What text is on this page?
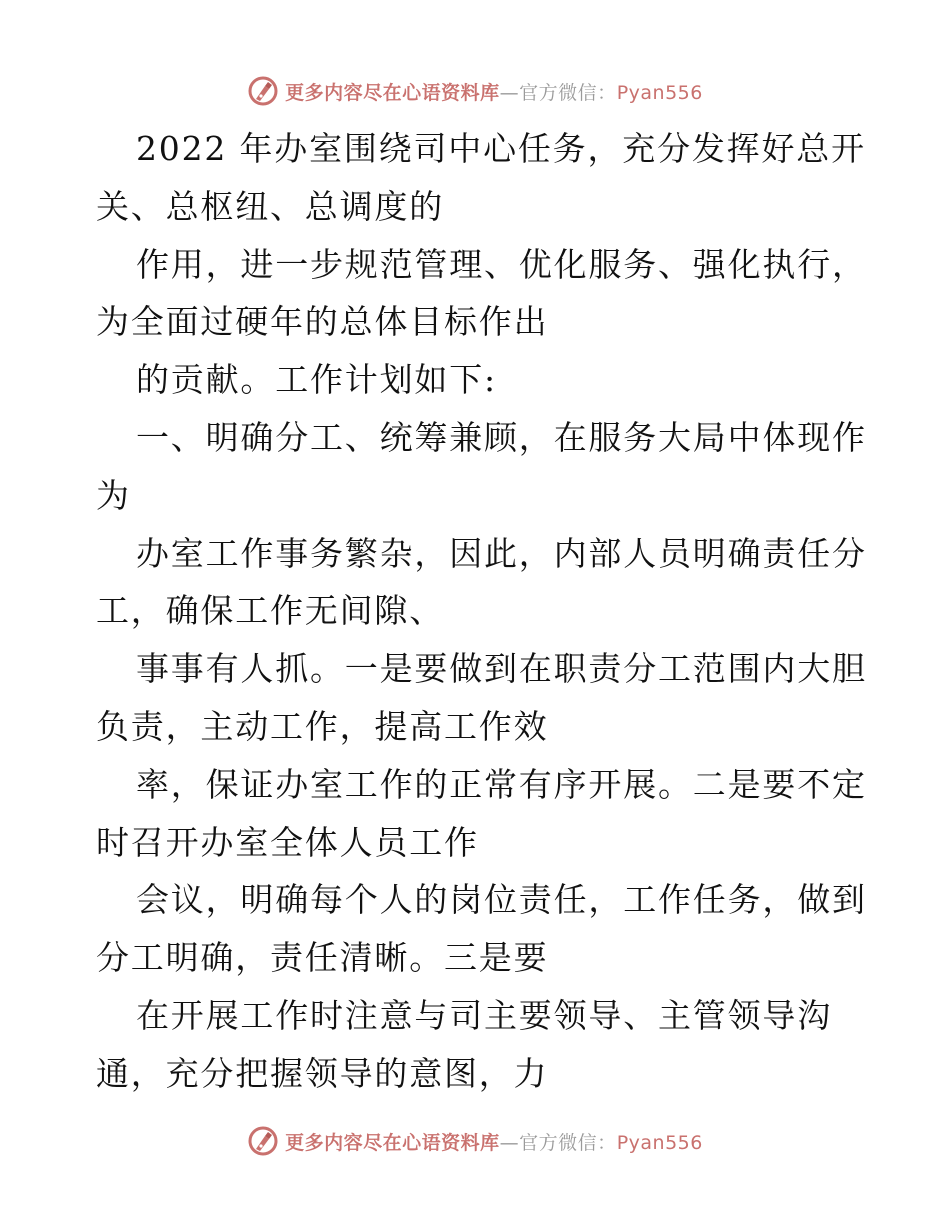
更多内容尽在心语资料库—官方微信：Pyan556
2022 年办室围绕司中心任务，充分发挥好总开
关、总枢纽、总调度的
作用，进一步规范管理、优化服务、强化执行，
为全面过硬年的总体目标作出
的贡献。工作计划如下:
一、明确分工、统筹兼顾，在服务大局中体现作
为
办室工作事务繁杂，因此，内部人员明确责任分
工，确保工作无间隙、
事事有人抓。一是要做到在职责分工范围内大胆
负责，主动工作，提高工作效
率，保证办室工作的正常有序开展。二是要不定
时召开办室全体人员工作
会议，明确每个人的岗位责任，工作任务，做到
分工明确，责任清晰。三是要
在开展工作时注意与司主要领导、主管领导沟
通，充分把握领导的意图，力
更多内容尽在心语资料库—官方微信：Pyan556
